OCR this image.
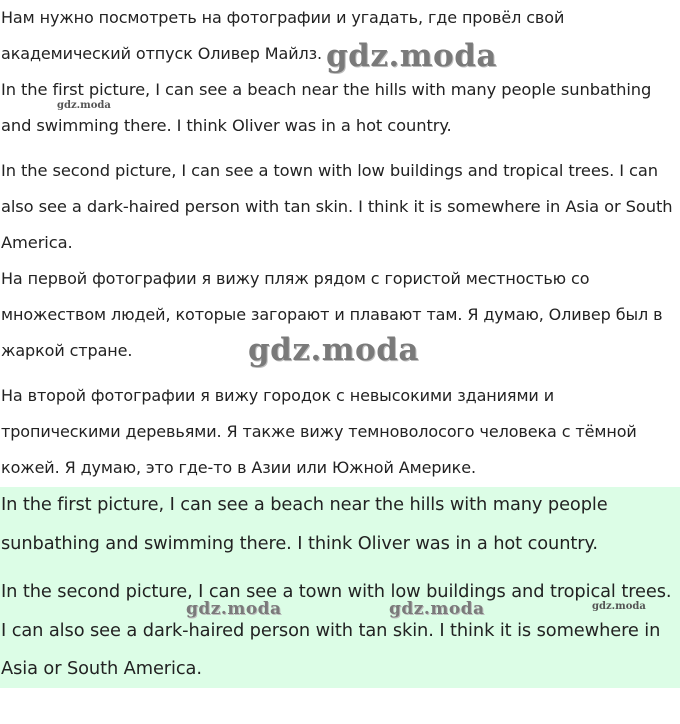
Нам нужно посмотреть на фотографии и угадать, где провёл свой
академический отпуск Оливер Майлз.
In the first picture, I can see a beach near the hills with many people sunbathing
and swimming there. I think Oliver was in a hot country.
In the second picture, I can see a town with low buildings and tropical trees. I can
also see a dark-haired person with tan skin. I think it is somewhere in Asia or South
America.
На первой фотографии я вижу пляж рядом с гористой местностью со
множеством людей, которые загорают и плавают там. Я думаю, Оливер был в
жаркой стране.
На второй фотографии я вижу городок с невысокими зданиями и
тропическими деревьями. Я также вижу темноволосого человека с тёмной
кожей. Я думаю, это где-то в Азии или Южной Америке.
In the first picture, I can see a beach near the hills with many people
sunbathing and swimming there. I think Oliver was in a hot country.
In the second picture, I can see a town with low buildings and tropical trees.
I can also see a dark-haired person with tan skin. I think it is somewhere in
Asia or South America.
gdz.moda
gdz.moda
gdz.moda
gdz.moda	gdz.moda	gdz.moda
